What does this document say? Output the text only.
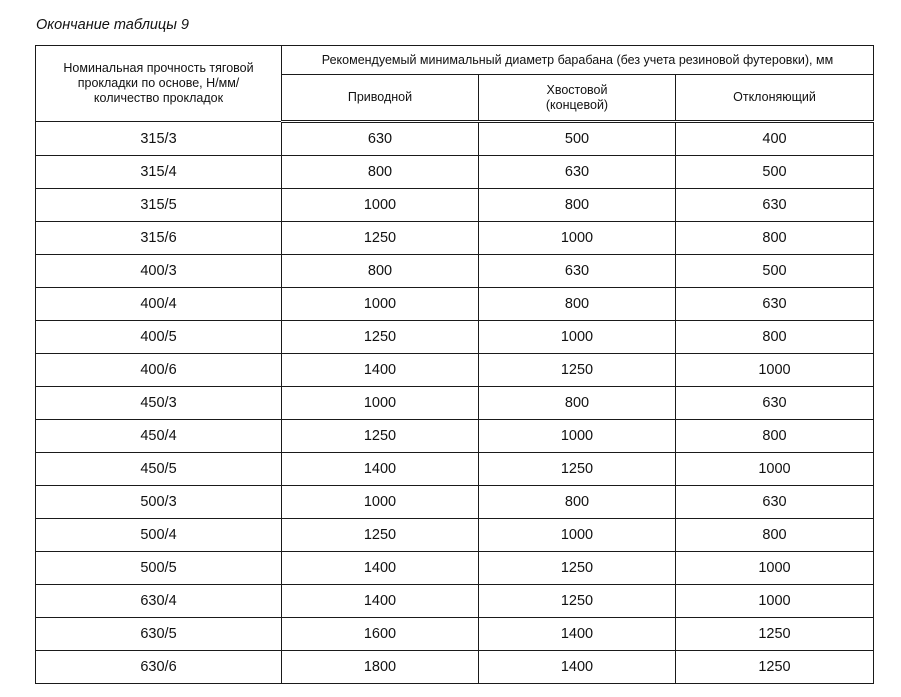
Окончание таблицы 9
Номинальная прочность тяговой прокладки по основе, Н/мм/количество прокладок	Рекомендуемый минимальный диаметр барабана (без учета резиновой футеровки), мм		
	Приводной	Хвостовой (концевой)	Отклоняющий
315/3	630	500	400
315/4	800	630	500
315/5	1000	800	630
315/6	1250	1000	800
400/3	800	630	500
400/4	1000	800	630
400/5	1250	1000	800
400/6	1400	1250	1000
450/3	1000	800	630
450/4	1250	1000	800
450/5	1400	1250	1000
500/3	1000	800	630
500/4	1250	1000	800
500/5	1400	1250	1000
630/4	1400	1250	1000
630/5	1600	1400	1250
630/6	1800	1400	1250
